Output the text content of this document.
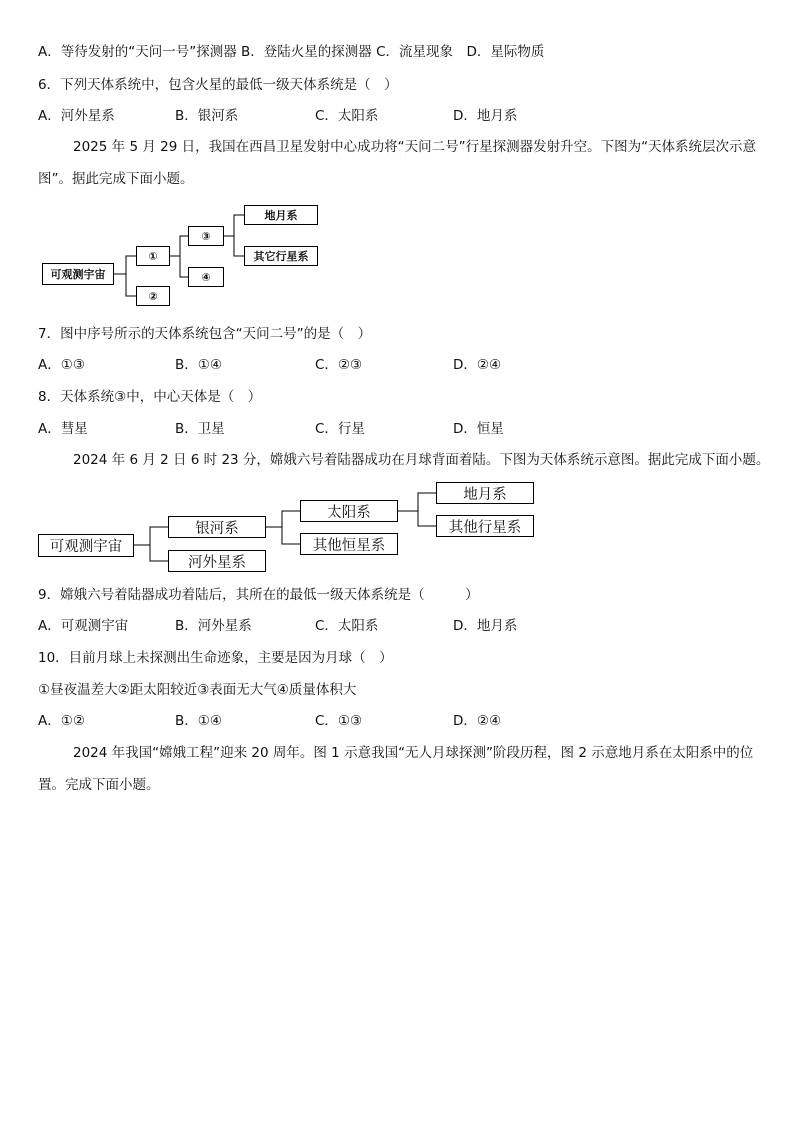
A．等待发射的“天问一号”探测器 B．登陆火星的探测器 C．流星现象　D．星际物质
6．下列天体系统中，包含火星的最低一级天体系统是（　）
A．河外星系	B．银河系	C．太阳系	D．地月系
2025 年 5 月 29 日，我国在西昌卫星发射中心成功将“天问二号”行星探测器发射升空。下图为“天体系统层次示意
图”。据此完成下面小题。
可观测宇宙
①
②
③
④
地月系
其它行星系
7．图中序号所示的天体系统包含“天问二号”的是（　）
A．①③	B．①④	C．②③	D．②④
8．天体系统③中，中心天体是（　）
A．彗星	B．卫星	C．行星	D．恒星
2024 年 6 月 2 日 6 时 23 分，嫦娥六号着陆器成功在月球背面着陆。下图为天体系统示意图。据此完成下面小题。
可观测宇宙
银河系
河外星系
太阳系
其他恒星系
地月系
其他行星系
9．嫦娥六号着陆器成功着陆后，其所在的最低一级天体系统是（　　　）
A．可观测宇宙	B．河外星系	C．太阳系	D．地月系
10．目前月球上未探测出生命迹象，主要是因为月球（　）
①昼夜温差大②距太阳较近③表面无大气④质量体积大
A．①②	B．①④	C．①③	D．②④
2024 年我国“嫦娥工程”迎来 20 周年。图 1 示意我国“无人月球探测”阶段历程，图 2 示意地月系在太阳系中的位
置。完成下面小题。
